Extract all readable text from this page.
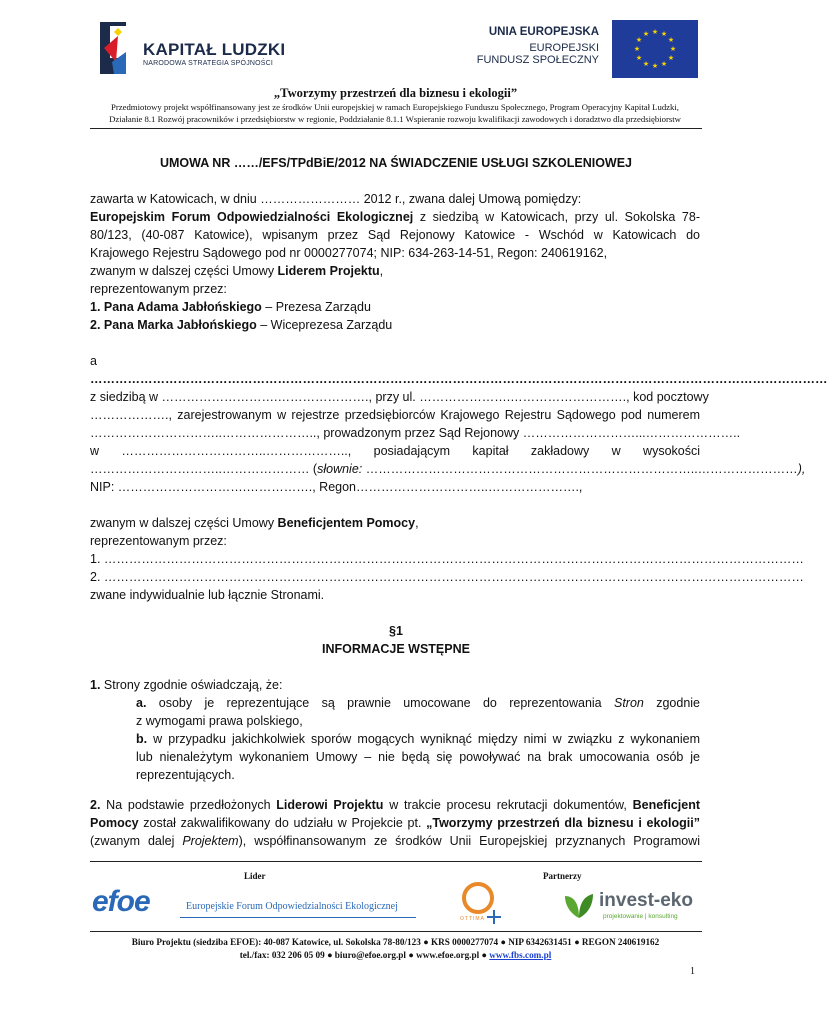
KAPITAŁ LUDZKI
NARODOWA STRATEGIA SPÓJNOŚCI
UNIA EUROPEJSKA
EUROPEJSKI
FUNDUSZ SPOŁECZNY
★ ★
★
★
★
★
★
★
★
★
★
★
„Tworzymy przestrzeń dla biznesu i ekologii”
Przedmiotowy projekt współfinansowany jest ze środków Unii europejskiej w ramach Europejskiego Funduszu Społecznego, Program Operacyjny Kapitał Ludzki,
Działanie 8.1 Rozwój pracowników i przedsiębiorstw w regionie, Poddziałanie 8.1.1 Wspieranie rozwoju kwalifikacji zawodowych i doradztwo dla przedsiębiorstw
UMOWA NR ……/EFS/TPdBiE/2012 NA ŚWIADCZENIE USŁUGI SZKOLENIOWEJ
zawarta w Katowicach, w dniu …………………… 2012 r., zwana dalej Umową pomiędzy:
Europejskim Forum Odpowiedzialności Ekologicznej z siedzibą w Katowicach, przy ul. Sokolska 78-
80/123, (40-087 Katowice), wpisanym przez Sąd Rejonowy Katowice - Wschód w Katowicach do
Krajowego Rejestru Sądowego pod nr 0000277074; NIP: 634-263-14-51, Regon: 240619162,
zwanym w dalszej części Umowy Liderem Projektu,
reprezentowanym przez:
1. Pana Adama Jabłońskiego – Prezesa Zarządu
2. Pana Marka Jabłońskiego – Wiceprezesa Zarządu
a
……………………………………………………………………………………………………………………………………………………………
z siedzibą w ……………………….…………………., przy ul. ………………….………………………., kod pocztowy
………………., zarejestrowanym w rejestrze przedsiębiorców Krajowego Rejestru Sądowego pod numerem
…………………………..………………….., prowadzonym przez Sąd Rejonowy ………………………...…………………..
w ……………………………..……………….., posiadającym kapitał zakładowy w wysokości
…………………………..………………… (słownie: ……………………………………………………………………..……………………),
NIP: ………………………….……………., Regon…………………………..………………….,
zwanym w dalszej części Umowy Beneficjentem Pomocy,
reprezentowanym przez:
1. ……………………………………………………………………………………………………………………………………………………
2. ……………………………………………………………………………………………………………………………………………………
zwane indywidualnie lub łącznie Stronami.
§1
INFORMACJE WSTĘPNE
1. Strony zgodnie oświadczają, że:
a. osoby je reprezentujące są prawnie umocowane do reprezentowania Stron zgodnie
z wymogami prawa polskiego,
b. w przypadku jakichkolwiek sporów mogących wyniknąć między nimi w związku z wykonaniem
lub nienależytym wykonaniem Umowy – nie będą się powoływać na brak umocowania osób je
reprezentujących.
2. Na podstawie przedłożonych Liderowi Projektu w trakcie procesu rekrutacji dokumentów, Beneficjent
Pomocy został zakwalifikowany do udziału w Projekcie pt. „Tworzymy przestrzeń dla biznesu i ekologii”
(zwanym dalej Projektem), współfinansowanym ze środków Unii Europejskiej przyznanych Programowi
Lider	Partnerzy
efoe	Europejskie Forum Odpowiedzialności Ekologicznej
OTTIMA
invest-eko
projektowanie | konsulting
Biuro Projektu (siedziba EFOE): 40-087 Katowice, ul. Sokolska 78-80/123 ● KRS 0000277074 ● NIP 6342631451 ● REGON 240619162
tel./fax: 032 206 05 09 ● biuro@efoe.org.pl ● www.efoe.org.pl ● www.fbs.com.pl
1
